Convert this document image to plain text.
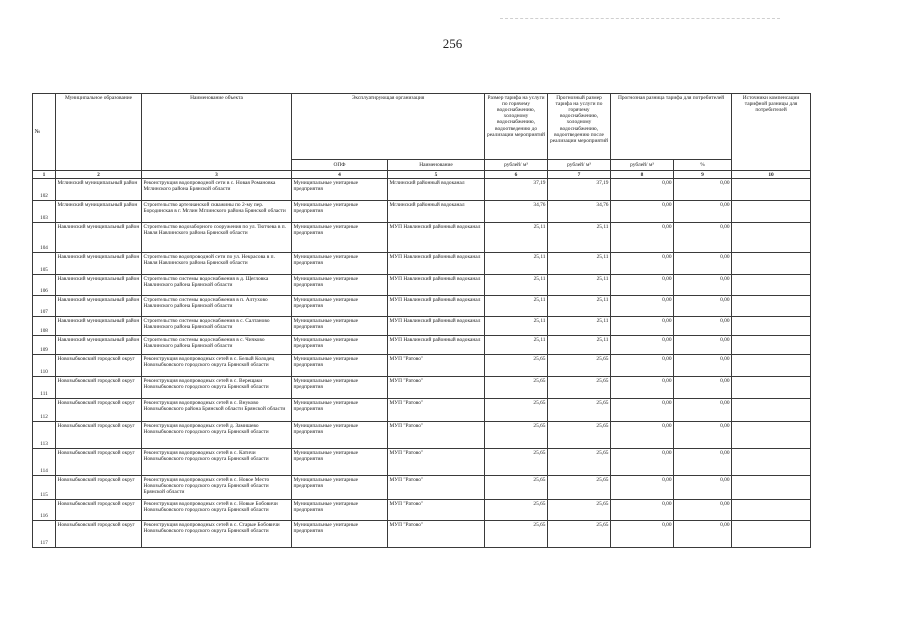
256
№	Муниципальное образование	Наименование объекта	Эксплуатирующая организация		Размер тарифа на услуги по горячему водоснабжению, холодному водоснабжению, водоотведению до реализации мероприятий	Прогнозный размер тарифа на услуги по горячему водоснабжению, холодному водоснабжению, водоотведению после реализации мероприятий	Прогнозная разница тарифа для потребителей		Источники компенсации тарифной разницы для потребителей
			ОПФ	Наименование	рублей/ м³	рублей/ м³	рублей/ м³	%	
1	2	3	4	5	6	7	8	9	10
102	Мглинский муниципальный район	Реконструкция водопроводной сети в с. Новая Романовка Мглинского района Брянской области	Муниципальные унитарные предприятия	Мглинский районный водоканал	37,19	37,19	0,00	0,00	
103	Мглинский муниципальный район	Строительство артезианской скважины по 2-му пер. Бородинская в г. Мглин Мглинского района Брянской области	Муниципальные унитарные предприятия	Мглинский районный водоканал	34,76	34,76	0,00	0,00	
104	Навлинский муниципальный район	Строительство водозаборного сооружения по ул. Тютчева в п. Навля Навлинского района Брянской области	Муниципальные унитарные предприятия	МУП Навлинский районный водоканал	25,11	25,11	0,00	0,00	
105	Навлинский муниципальный район	Строительство водопроводной сети по ул. Некрасова в п. Навля Навлинского района Брянской области	Муниципальные унитарные предприятия	МУП Навлинский районный водоканал	25,11	25,11	0,00	0,00	
106	Навлинский муниципальный район	Строительство системы водоснабжения в д. Щегловка Навлинского района Брянской области	Муниципальные унитарные предприятия	МУП Навлинский районный водоканал	25,11	25,11	0,00	0,00	
107	Навлинский муниципальный район	Строительство системы водоснабжения в п. Алтухово Навлинского района Брянской области	Муниципальные унитарные предприятия	МУП Навлинский районный водоканал	25,11	25,11	0,00	0,00	
108	Навлинский муниципальный район	Строительство системы водоснабжения в с. Салтаново Навлинского района Брянской области	Муниципальные унитарные предприятия	МУП Навлинский районный водоканал	25,11	25,11	0,00	0,00	
109	Навлинский муниципальный район	Строительство системы водоснабжения в с. Чичково Навлинского района Брянской области	Муниципальные унитарные предприятия	МУП Навлинский районный водоканал	25,11	25,11	0,00	0,00	
110	Новозыбковский городской округ	Реконструкция водопроводных сетей в с. Белый Колодец Новозыбковского городского округа Брянской области	Муниципальные унитарные предприятия	МУП "Ратово"	25,65	25,65	0,00	0,00	
111	Новозыбковский городской округ	Реконструкция водопроводных сетей в с. Верещаки Новозыбковского городского округа Брянской области	Муниципальные унитарные предприятия	МУП "Ратово"	25,65	25,65	0,00	0,00	
112	Новозыбковский городской округ	Реконструкция водопроводных сетей в с. Внуково Новозыбковского района Брянской области Брянской области	Муниципальные унитарные предприятия	МУП "Ратово"	25,65	25,65	0,00	0,00	
113	Новозыбковский городской округ	Реконструкция водопроводных сетей д. Замишево Новозыбковского городского округа Брянской области	Муниципальные унитарные предприятия	МУП "Ратово"	25,65	25,65	0,00	0,00	
114	Новозыбковский городской округ	Реконструкция водопроводных сетей в с. Катичи Новозыбковского городского округа Брянской области	Муниципальные унитарные предприятия	МУП "Ратово"	25,65	25,65	0,00	0,00	
115	Новозыбковский городской округ	Реконструкция водопроводных сетей в с. Новое Место Новозыбковского городского округа Брянской области Брянской области	Муниципальные унитарные предприятия	МУП "Ратово"	25,65	25,65	0,00	0,00	
116	Новозыбковский городской округ	Реконструкция водопроводных сетей в с. Новые Бобовичи Новозыбковского городского округа Брянской области	Муниципальные унитарные предприятия	МУП "Ратово"	25,65	25,65	0,00	0,00	
117	Новозыбковский городской округ	Реконструкция водопроводных сетей в с. Старые Бобовичи Новозыбковского городского округа Брянской области	Муниципальные унитарные предприятия	МУП "Ратово"	25,65	25,65	0,00	0,00	
